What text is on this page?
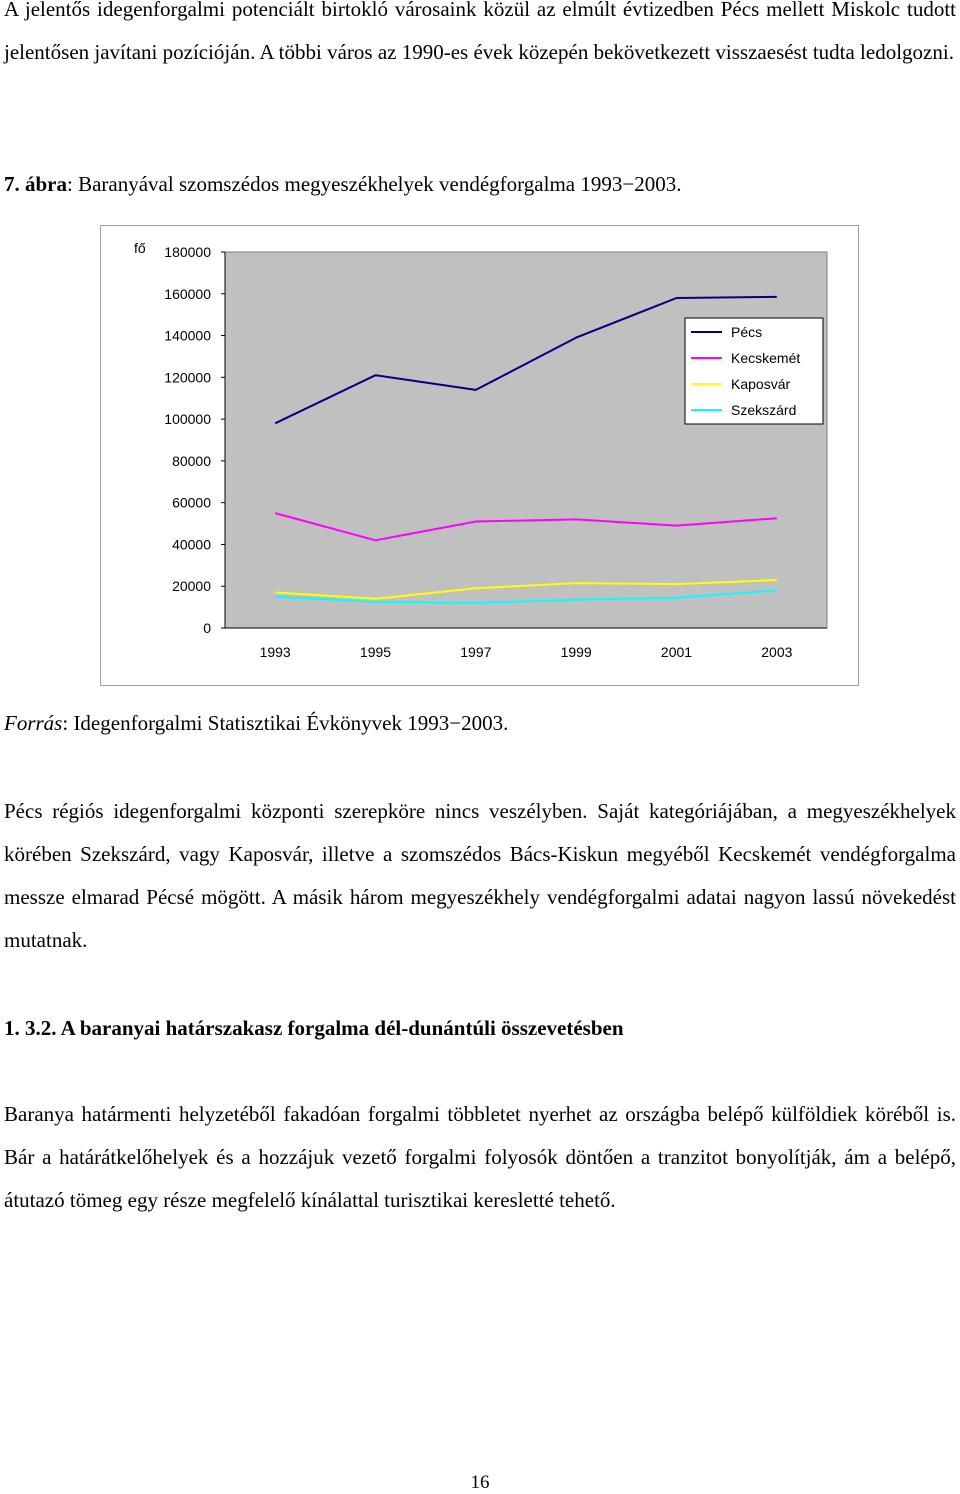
A jelentős idegenforgalmi potenciált birtokló városaink közül az elmúlt évtizedben Pécs mellett Miskolc tudott jelentősen javítani pozícióján. A többi város az 1990-es évek közepén bekövetkezett visszaesést tudta ledolgozni.

7. ábra: Baranyával szomszédos megyeszékhelyek vendégforgalma 1993−2003.
fő 180000
160000
140000
120000
100000
80000
60000
40000
20000
0
1993	1995	1997	1999	2001	2003
Pécs
Kecskemét
Kaposvár
Szekszárd
Forrás: Idegenforgalmi Statisztikai Évkönyvek 1993−2003.

Pécs régiós idegenforgalmi központi szerepköre nincs veszélyben. Saját kategóriájában, a megyeszékhelyek körében Szekszárd, vagy Kaposvár, illetve a szomszédos Bács-Kiskun megyéből Kecskemét vendégforgalma messze elmarad Pécsé mögött. A másik három megyeszékhely vendégforgalmi adatai nagyon lassú növekedést mutatnak.

1. 3.2. A baranyai határszakasz forgalma dél-dunántúli összevetésben

Baranya határmenti helyzetéből fakadóan forgalmi többletet nyerhet az országba belépő külföldiek köréből is. Bár a határátkelőhelyek és a hozzájuk vezető forgalmi folyosók döntően a tranzitot bonyolítják, ám a belépő, átutazó tömeg egy része megfelelő kínálattal turisztikai keresletté tehető.

16
